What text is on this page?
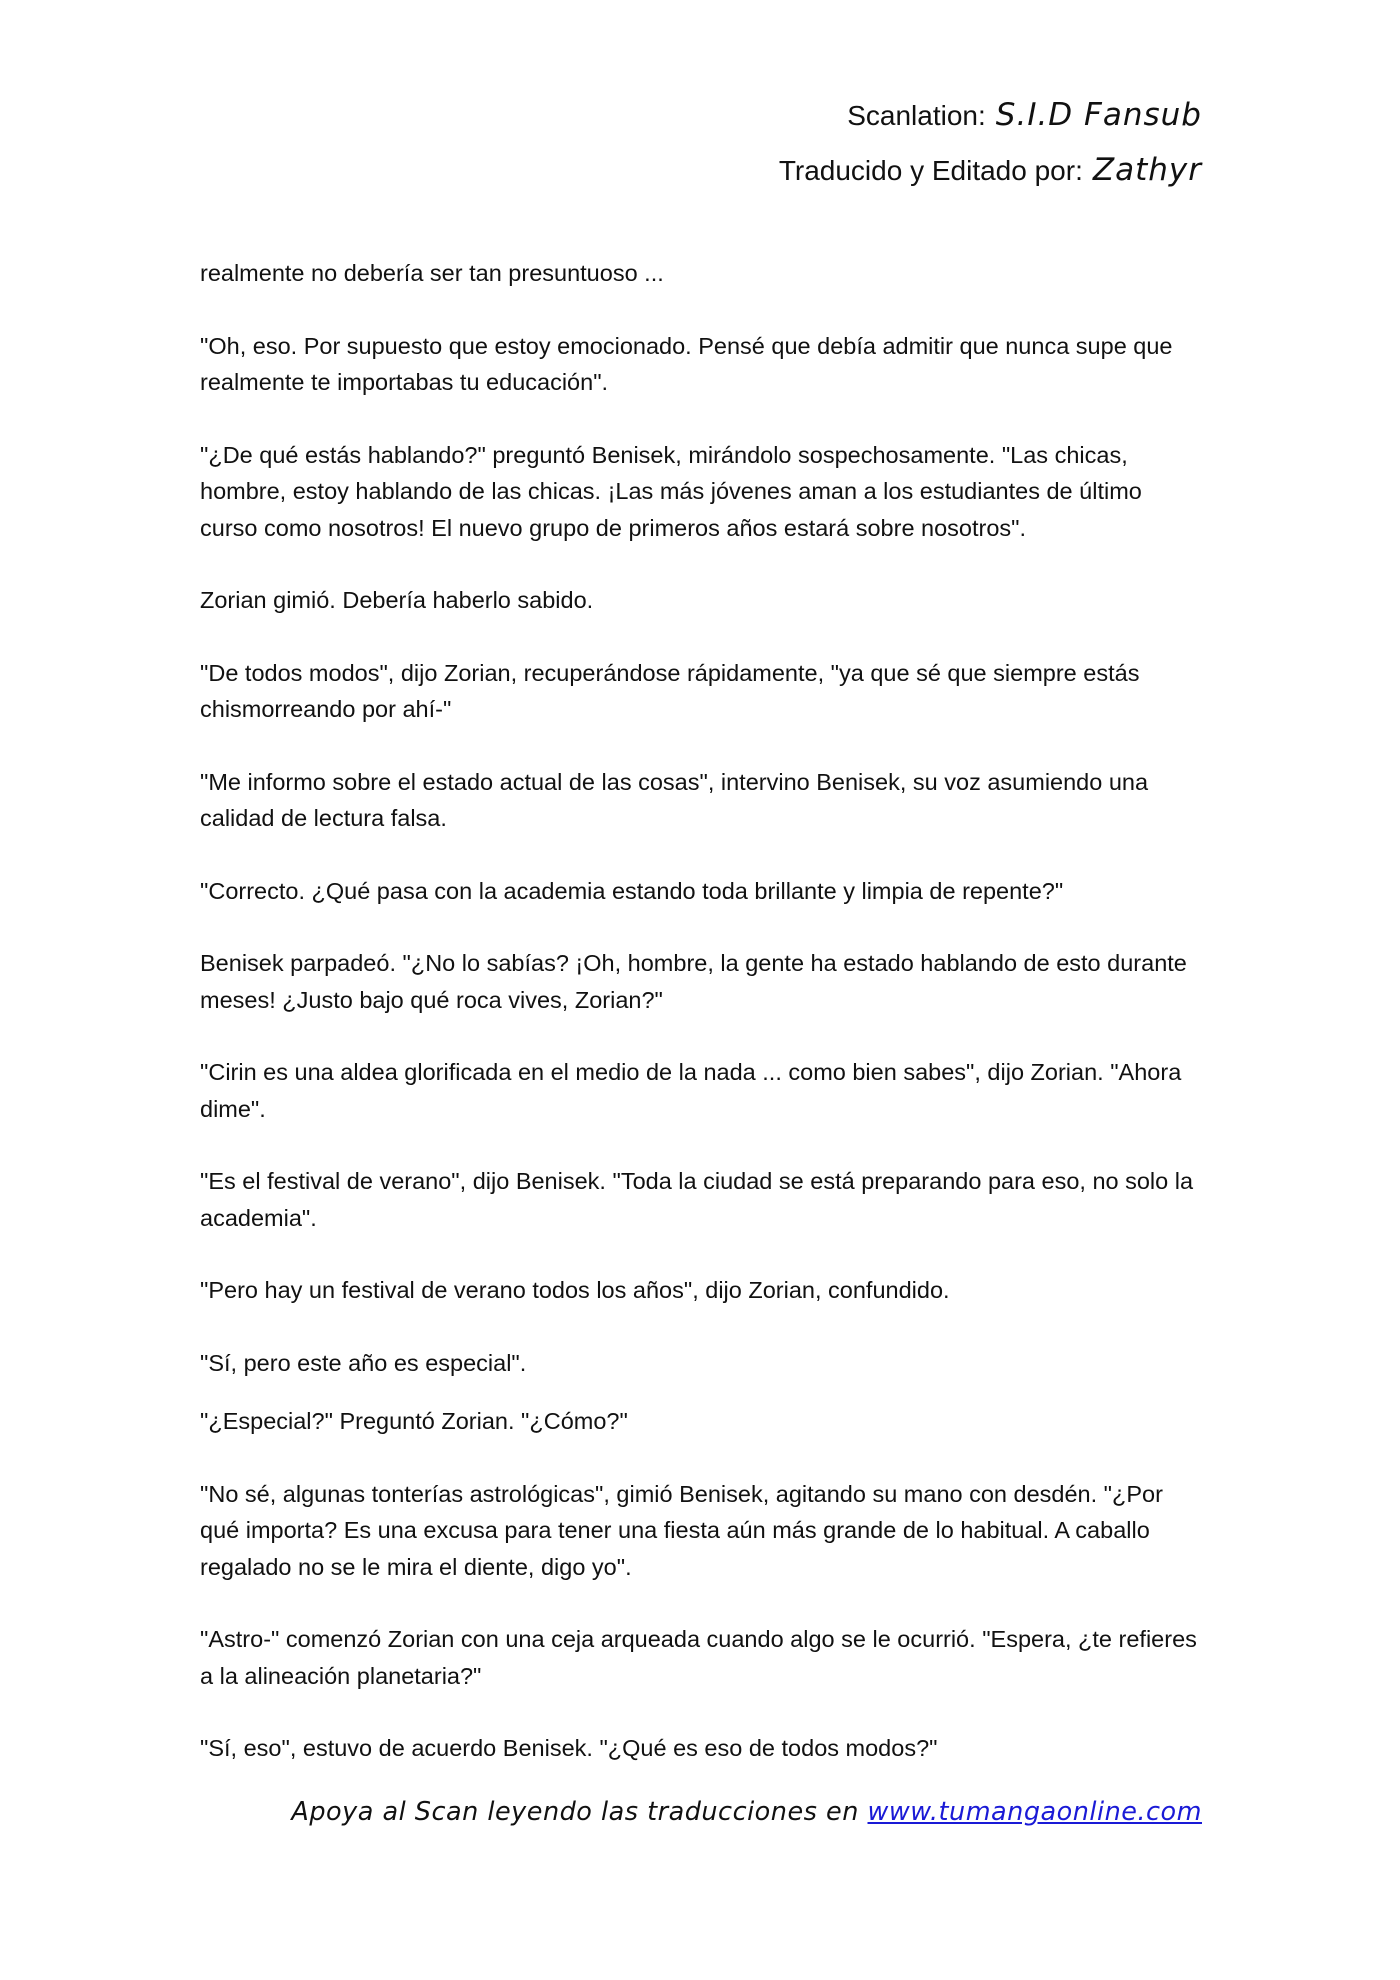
Scanlation: S.I.D Fansub
Traducido y Editado por: Zathyr

realmente no debería ser tan presuntuoso ...

"Oh, eso. Por supuesto que estoy emocionado. Pensé que debía admitir que nunca supe que realmente te importabas tu educación".

"¿De qué estás hablando?" preguntó Benisek, mirándolo sospechosamente. "Las chicas, hombre, estoy hablando de las chicas. ¡Las más jóvenes aman a los estudiantes de último curso como nosotros! El nuevo grupo de primeros años estará sobre nosotros".

Zorian gimió. Debería haberlo sabido.

"De todos modos", dijo Zorian, recuperándose rápidamente, "ya que sé que siempre estás chismorreando por ahí-"

"Me informo sobre el estado actual de las cosas", intervino Benisek, su voz asumiendo una calidad de lectura falsa.

"Correcto. ¿Qué pasa con la academia estando toda brillante y limpia de repente?"

Benisek parpadeó. "¿No lo sabías? ¡Oh, hombre, la gente ha estado hablando de esto durante meses! ¿Justo bajo qué roca vives, Zorian?"

"Cirin es una aldea glorificada en el medio de la nada ... como bien sabes", dijo Zorian. "Ahora dime".

"Es el festival de verano", dijo Benisek. "Toda la ciudad se está preparando para eso, no solo la academia".

"Pero hay un festival de verano todos los años", dijo Zorian, confundido.

"Sí, pero este año es especial".

"¿Especial?" Preguntó Zorian. "¿Cómo?"

"No sé, algunas tonterías astrológicas", gimió Benisek, agitando su mano con desdén. "¿Por qué importa? Es una excusa para tener una fiesta aún más grande de lo habitual. A caballo regalado no se le mira el diente, digo yo".

"Astro-" comenzó Zorian con una ceja arqueada cuando algo se le ocurrió. "Espera, ¿te refieres a la alineación planetaria?"

"Sí, eso", estuvo de acuerdo Benisek. "¿Qué es eso de todos modos?"

Apoya al Scan leyendo las traducciones en www.tumangaonline.com
